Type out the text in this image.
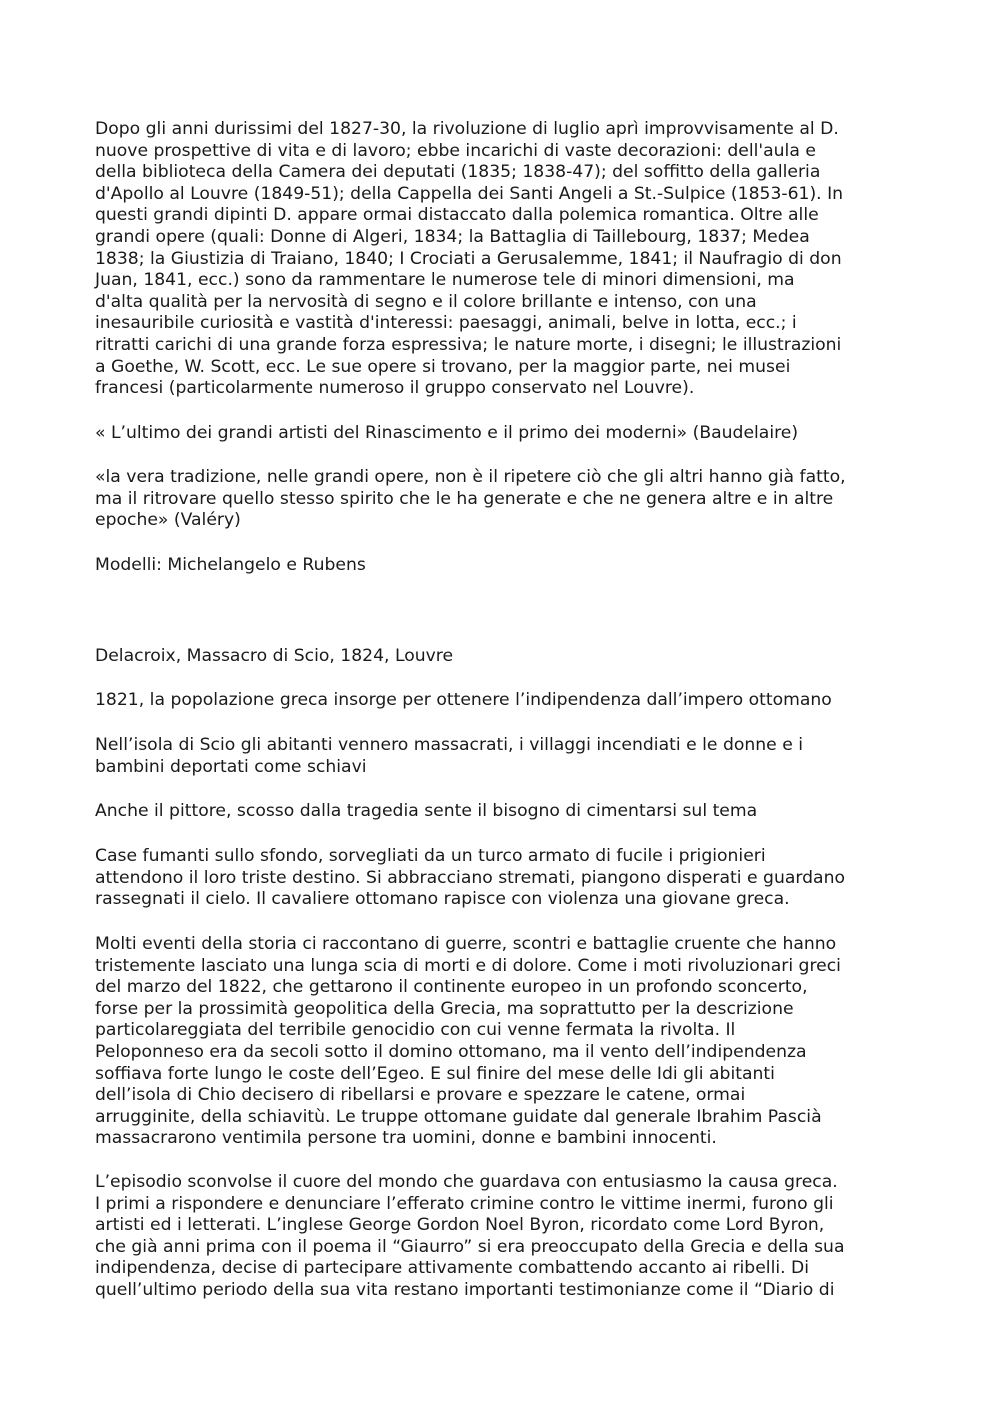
Dopo gli anni durissimi del 1827-30, la rivoluzione di luglio aprì improvvisamente al D.
nuove prospettive di vita e di lavoro; ebbe incarichi di vaste decorazioni: dell'aula e
della biblioteca della Camera dei deputati (1835; 1838-47); del soffitto della galleria
d'Apollo al Louvre (1849-51); della Cappella dei Santi Angeli a St.-Sulpice (1853-61). In
questi grandi dipinti D. appare ormai distaccato dalla polemica romantica. Oltre alle
grandi opere (quali: Donne di Algeri, 1834; la Battaglia di Taillebourg, 1837; Medea
1838; la Giustizia di Traiano, 1840; I Crociati a Gerusalemme, 1841; il Naufragio di don
Juan, 1841, ecc.) sono da rammentare le numerose tele di minori dimensioni, ma
d'alta qualità per la nervosità di segno e il colore brillante e intenso, con una
inesauribile curiosità e vastità d'interessi: paesaggi, animali, belve in lotta, ecc.; i
ritratti carichi di una grande forza espressiva; le nature morte, i disegni; le illustrazioni
a Goethe, W. Scott, ecc. Le sue opere si trovano, per la maggior parte, nei musei
francesi (particolarmente numeroso il gruppo conservato nel Louvre).

« L’ultimo dei grandi artisti del Rinascimento e il primo dei moderni» (Baudelaire)

«la vera tradizione, nelle grandi opere, non è il ripetere ciò che gli altri hanno già fatto,
ma il ritrovare quello stesso spirito che le ha generate e che ne genera altre e in altre
epoche» (Valéry)

Modelli: Michelangelo e Rubens

Delacroix, Massacro di Scio, 1824, Louvre

1821, la popolazione greca insorge per ottenere l’indipendenza dall’impero ottomano

Nell’isola di Scio gli abitanti vennero massacrati, i villaggi incendiati e le donne e i
bambini deportati come schiavi

Anche il pittore, scosso dalla tragedia sente il bisogno di cimentarsi sul tema

Case fumanti sullo sfondo, sorvegliati da un turco armato di fucile i prigionieri
attendono il loro triste destino. Si abbracciano stremati, piangono disperati e guardano
rassegnati il cielo. Il cavaliere ottomano rapisce con violenza una giovane greca.

Molti eventi della storia ci raccontano di guerre, scontri e battaglie cruente che hanno
tristemente lasciato una lunga scia di morti e di dolore. Come i moti rivoluzionari greci
del marzo del 1822, che gettarono il continente europeo in un profondo sconcerto,
forse per la prossimità geopolitica della Grecia, ma soprattutto per la descrizione
particolareggiata del terribile genocidio con cui venne fermata la rivolta. Il
Peloponneso era da secoli sotto il domino ottomano, ma il vento dell’indipendenza
soffiava forte lungo le coste dell’Egeo. E sul finire del mese delle Idi gli abitanti
dell’isola di Chio decisero di ribellarsi e provare e spezzare le catene, ormai
arrugginite, della schiavitù. Le truppe ottomane guidate dal generale Ibrahim Pascià
massacrarono ventimila persone tra uomini, donne e bambini innocenti.

L’episodio sconvolse il cuore del mondo che guardava con entusiasmo la causa greca.
I primi a rispondere e denunciare l’efferato crimine contro le vittime inermi, furono gli
artisti ed i letterati. L’inglese George Gordon Noel Byron, ricordato come Lord Byron,
che già anni prima con il poema il “Giaurro” si era preoccupato della Grecia e della sua
indipendenza, decise di partecipare attivamente combattendo accanto ai ribelli. Di
quell’ultimo periodo della sua vita restano importanti testimonianze come il “Diario di
